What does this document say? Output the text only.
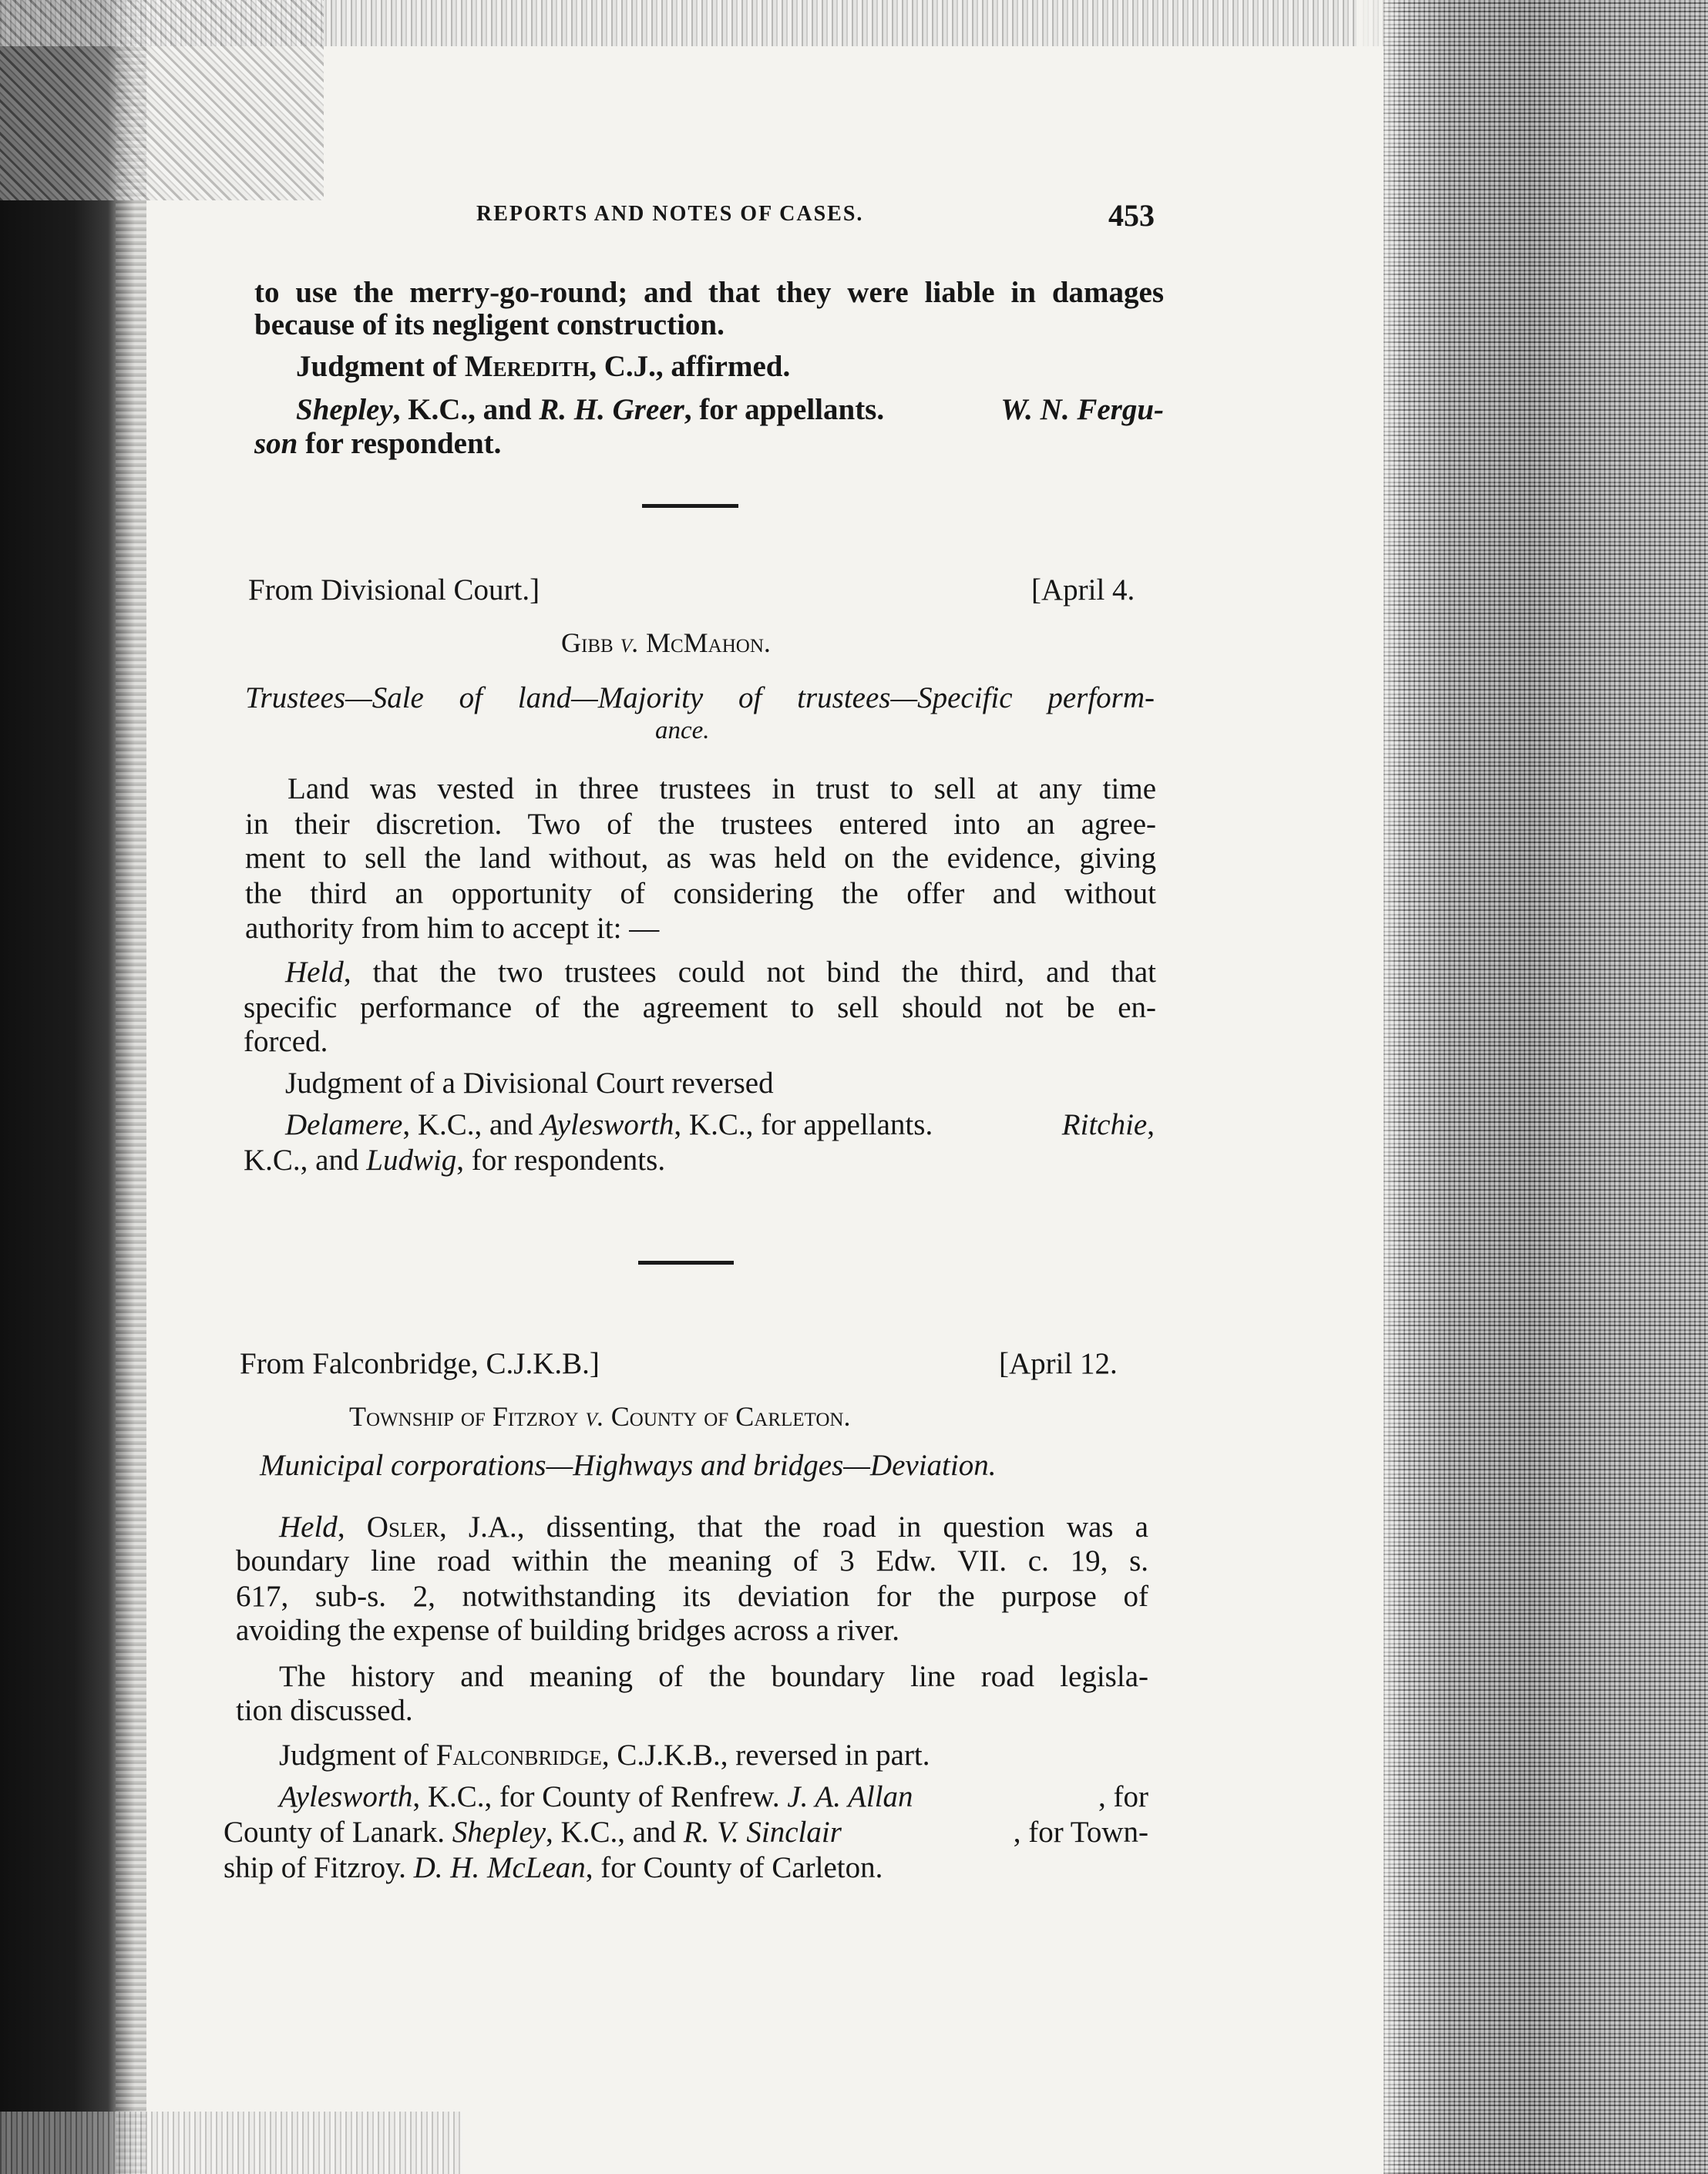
REPORTS AND NOTES OF CASES.	453
to use the merry-go-round; and that they were liable in damages
because of its negligent construction.
Judgment of Meredith, C.J., affirmed.
Shepley, K.C., and R. H. Greer, for appellants.	W. N. Fergu-
son for respondent.
From Divisional Court.]	[April 4.
Gibb v. McMahon.
Trustees—Sale of land—Majority of trustees—Specific perform-
ance.
Land was vested in three trustees in trust to sell at any time
in their discretion. Two of the trustees entered into an agree-
ment to sell the land without, as was held on the evidence, giving
the third an opportunity of considering the offer and without
authority from him to accept it: —
Held, that the two trustees could not bind the third, and that
specific performance of the agreement to sell should not be en-
forced.
Judgment of a Divisional Court reversed
Delamere, K.C., and Aylesworth, K.C., for appellants.	Ritchie,
K.C., and Ludwig, for respondents.
From Falconbridge, C.J.K.B.]	[April 12.
Township of Fitzroy v. County of Carleton.
Municipal corporations—Highways and bridges—Deviation.
Held, Osler, J.A., dissenting, that the road in question was a
boundary line road within the meaning of 3 Edw. VII. c. 19, s.
617, sub-s. 2, notwithstanding its deviation for the purpose of
avoiding the expense of building bridges across a river.
The history and meaning of the boundary line road legisla-
tion discussed.
Judgment of Falconbridge, C.J.K.B., reversed in part.
Aylesworth, K.C., for County of Renfrew. J. A. Allan	, for
County of Lanark. Shepley, K.C., and R. V. Sinclair	, for Town-
ship of Fitzroy. D. H. McLean, for County of Carleton.
